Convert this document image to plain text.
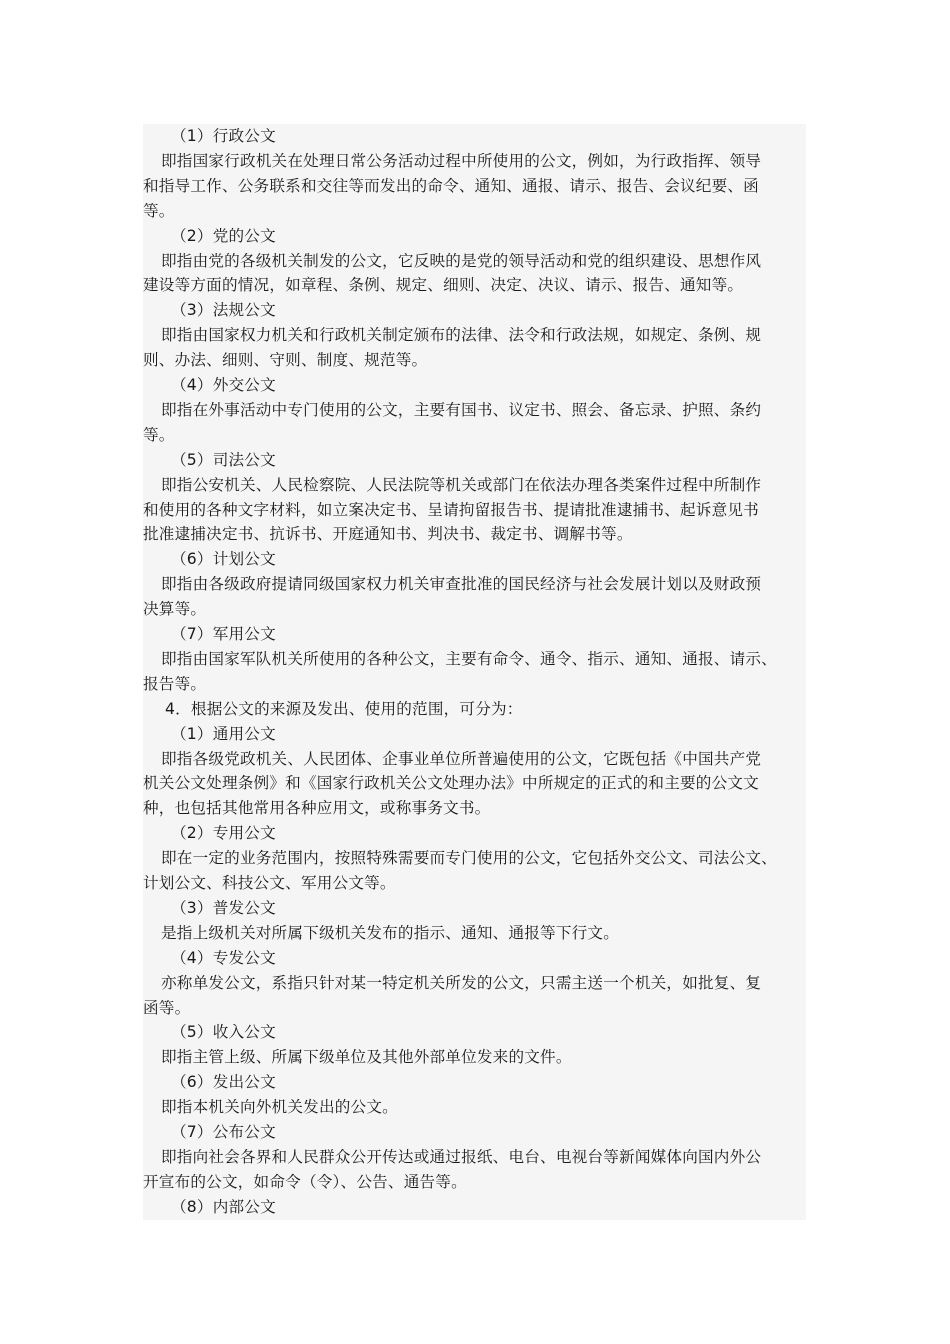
（1）行政公文
即指国家行政机关在处理日常公务活动过程中所使用的公文，例如，为行政指挥、领导
和指导工作、公务联系和交往等而发出的命令、通知、通报、请示、报告、会议纪要、函
等。
（2）党的公文
即指由党的各级机关制发的公文，它反映的是党的领导活动和党的组织建设、思想作风
建设等方面的情况，如章程、条例、规定、细则、决定、决议、请示、报告、通知等。
（3）法规公文
即指由国家权力机关和行政机关制定颁布的法律、法令和行政法规，如规定、条例、规
则、办法、细则、守则、制度、规范等。
（4）外交公文
即指在外事活动中专门使用的公文，主要有国书、议定书、照会、备忘录、护照、条约
等。
（5）司法公文
即指公安机关、人民检察院、人民法院等机关或部门在依法办理各类案件过程中所制作
和使用的各种文字材料，如立案决定书、呈请拘留报告书、提请批准逮捕书、起诉意见书
批准逮捕决定书、抗诉书、开庭通知书、判决书、裁定书、调解书等。
（6）计划公文
即指由各级政府提请同级国家权力机关审查批准的国民经济与社会发展计划以及财政预
决算等。
（7）军用公文
即指由国家军队机关所使用的各种公文，主要有命令、通令、指示、通知、通报、请示、
报告等。
4．根据公文的来源及发出、使用的范围，可分为：
（1）通用公文
即指各级党政机关、人民团体、企事业单位所普遍使用的公文，它既包括《中国共产党
机关公文处理条例》和《国家行政机关公文处理办法》中所规定的正式的和主要的公文文
种，也包括其他常用各种应用文，或称事务文书。
（2）专用公文
即在一定的业务范围内，按照特殊需要而专门使用的公文，它包括外交公文、司法公文、
计划公文、科技公文、军用公文等。
（3）普发公文
是指上级机关对所属下级机关发布的指示、通知、通报等下行文。
（4）专发公文
亦称单发公文，系指只针对某一特定机关所发的公文，只需主送一个机关，如批复、复
函等。
（5）收入公文
即指主管上级、所属下级单位及其他外部单位发来的文件。
（6）发出公文
即指本机关向外机关发出的公文。
（7）公布公文
即指向社会各界和人民群众公开传达或通过报纸、电台、电视台等新闻媒体向国内外公
开宣布的公文，如命令（令）、公告、通告等。
（8）内部公文
